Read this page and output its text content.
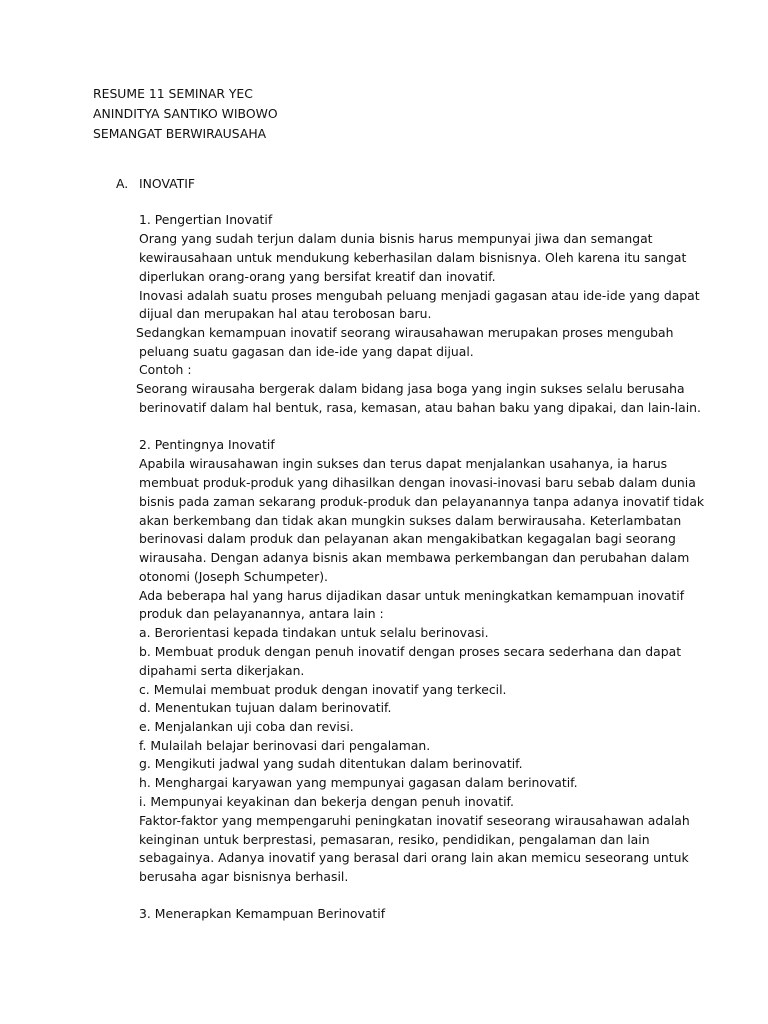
RESUME 11 SEMINAR YEC
ANINDITYA SANTIKO WIBOWO
SEMANGAT BERWIRAUSAHA
A. INOVATIF
1. Pengertian Inovatif
Orang yang sudah terjun dalam dunia bisnis harus mempunyai jiwa dan semangat
kewirausahaan untuk mendukung keberhasilan dalam bisnisnya. Oleh karena itu sangat
diperlukan orang-orang yang bersifat kreatif dan inovatif.
Inovasi adalah suatu proses mengubah peluang menjadi gagasan atau ide-ide yang dapat
dijual dan merupakan hal atau terobosan baru.
Sedangkan kemampuan inovatif seorang wirausahawan merupakan proses mengubah
peluang suatu gagasan dan ide-ide yang dapat dijual.
Contoh :
Seorang wirausaha bergerak dalam bidang jasa boga yang ingin sukses selalu berusaha
berinovatif dalam hal bentuk, rasa, kemasan, atau bahan baku yang dipakai, dan lain-lain.
2. Pentingnya Inovatif
Apabila wirausahawan ingin sukses dan terus dapat menjalankan usahanya, ia harus
membuat produk-produk yang dihasilkan dengan inovasi-inovasi baru sebab dalam dunia
bisnis pada zaman sekarang produk-produk dan pelayanannya tanpa adanya inovatif tidak
akan berkembang dan tidak akan mungkin sukses dalam berwirausaha. Keterlambatan
berinovasi dalam produk dan pelayanan akan mengakibatkan kegagalan bagi seorang
wirausaha. Dengan adanya bisnis akan membawa perkembangan dan perubahan dalam
otonomi (Joseph Schumpeter).
Ada beberapa hal yang harus dijadikan dasar untuk meningkatkan kemampuan inovatif
produk dan pelayanannya, antara lain :
a. Berorientasi kepada tindakan untuk selalu berinovasi.
b. Membuat produk dengan penuh inovatif dengan proses secara sederhana dan dapat
dipahami serta dikerjakan.
c. Memulai membuat produk dengan inovatif yang terkecil.
d. Menentukan tujuan dalam berinovatif.
e. Menjalankan uji coba dan revisi.
f. Mulailah belajar berinovasi dari pengalaman.
g. Mengikuti jadwal yang sudah ditentukan dalam berinovatif.
h. Menghargai karyawan yang mempunyai gagasan dalam berinovatif.
i. Mempunyai keyakinan dan bekerja dengan penuh inovatif.
Faktor-faktor yang mempengaruhi peningkatan inovatif seseorang wirausahawan adalah
keinginan untuk berprestasi, pemasaran, resiko, pendidikan, pengalaman dan lain
sebagainya. Adanya inovatif yang berasal dari orang lain akan memicu seseorang untuk
berusaha agar bisnisnya berhasil.
3. Menerapkan Kemampuan Berinovatif
